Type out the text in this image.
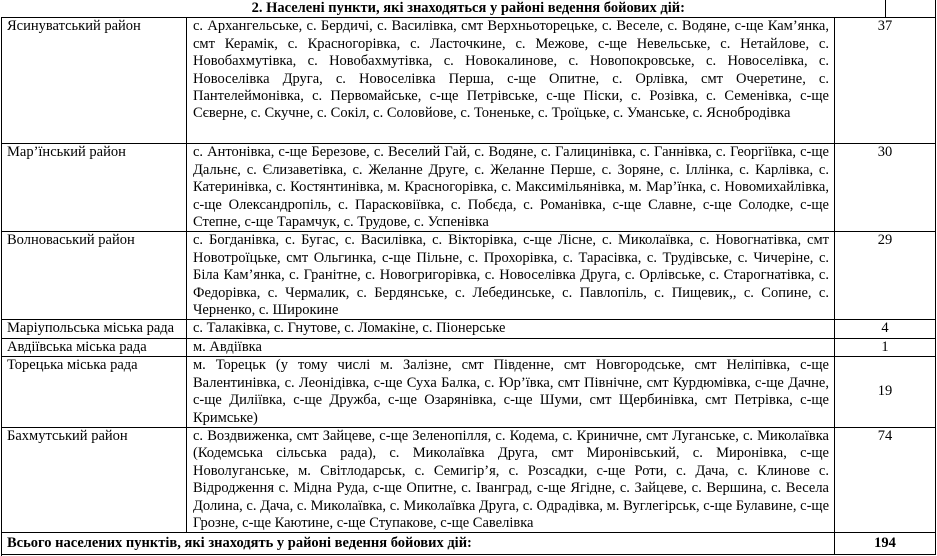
2. Населені пункти, які знаходяться у районі ведення бойових дій:		
Ясинуватський район	с. Архангельське, с. Бердичі, с. Василівка, смт Верхньоторецьке, с. Веселе, с. Водяне, с-ще Кам’янка, смт Керамік, с. Красногорівка, с. Ласточкине, с. Межове, с-ще Невельське, с. Нетайлове, с. Новобахмутівка, с. Новобахмутівка, с. Новокалинове, с. Новопокровське, с. Новоселівка, с. Новоселівка Друга, с. Новоселівка Перша, с-ще Опитне, с. Орлівка, смт Очеретине, с. Пантелеймонівка, с. Первомайське, с-ще Петрівське, с-ще Піски, с. Розівка, с. Семенівка, с-ще Сєверне, с. Скучне, с. Сокіл, с. Соловйове, с. Тоненьке, с. Троїцьке, с. Уманське, с. Яснобродівка	37
Мар’їнський район	с. Антонівка, с-ще Березове, с. Веселий Гай, с. Водяне, с. Галицинівка, с. Ганнівка, с. Георгіївка, с-ще Дальнє, с. Єлизаветівка, с. Желанне Друге, с. Желанне Перше, с. Зоряне, с. Іллінка, с. Карлівка, с. Катеринівка, с. Костянтинівка, м. Красногорівка, с. Максимільянівка, м. Мар’їнка, с. Новомихайлівка, с-ще Олександропіль, с. Парасковіївка, с. Побєда, с. Романівка, с-ще Славне, с-ще Солодке, с-ще Степне, с-ще Тарамчук, с. Трудове, с. Успенівка	30
Волноваський район	с. Богданівка, с. Бугас, с. Василівка, с. Вікторівка, с-ще Лісне, с. Миколаївка, с. Новогнатівка, смт Новотроїцьке, смт Ольгинка, с-ще Пільне, с. Прохорівка, с. Тарасівка, с. Трудівське, с. Чичеріне, с. Біла Кам’янка, с. Гранітне, с. Новогригорівка, с. Новоселівка Друга, с. Орлівське, с. Старогнатівка, с. Федорівка, с. Чермалик, с. Бердянське, с. Лебединське, с. Павлопіль, с. Пищевик,, с. Сопине, с. Черненко, с. Широкине	29
Маріупольська міська рада	с. Талаківка, с. Гнутове, с. Ломакіне, с. Піонерське	4
Авдіївська міська рада	м. Авдіївка	1
Торецька міська рада	м. Торецьк (у тому числі м. Залізне, смт Південне, смт Новгородське, смт Неліпівка, с-ще Валентинівка, с. Леонідівка, с-ще Суха Балка, с. Юр’ївка, смт Північне, смт Курдюмівка, с-ще Дачне, с-ще Диліївка, с-ще Дружба, с-ще Озарянівка, с-ще Шуми, смт Щербинівка, смт Петрівка, с-ще Кримське)	19
Бахмутський район	с. Воздвиженка, смт Зайцеве, с-ще Зеленопілля, с. Кодема, с. Криничне, смт Луганське, с. Миколаївка (Кодемська сільська рада), с. Миколаївка Друга, смт Миронівський, с. Миронівка, с-ще Новолуганське, м. Світлодарськ, с. Семигір’я, с. Розсадки, с-ще Роти, с. Дача, с. Клинове с. Відродження с. Мідна Руда, с-ще Опитне, с. Іванград, с-ще Ягідне, с. Зайцеве, с. Вершина, с. Весела Долина, с. Дача, с. Миколаївка, с. Миколаївка Друга, с. Одрадівка, м. Вуглегірськ, с-ще Булавине, с-ще Грозне, с-ще Каютине, с-ще Ступакове, с-ще Савелівка	74
Всього населених пунктів, які знаходять у районі ведення бойових дій:		194
